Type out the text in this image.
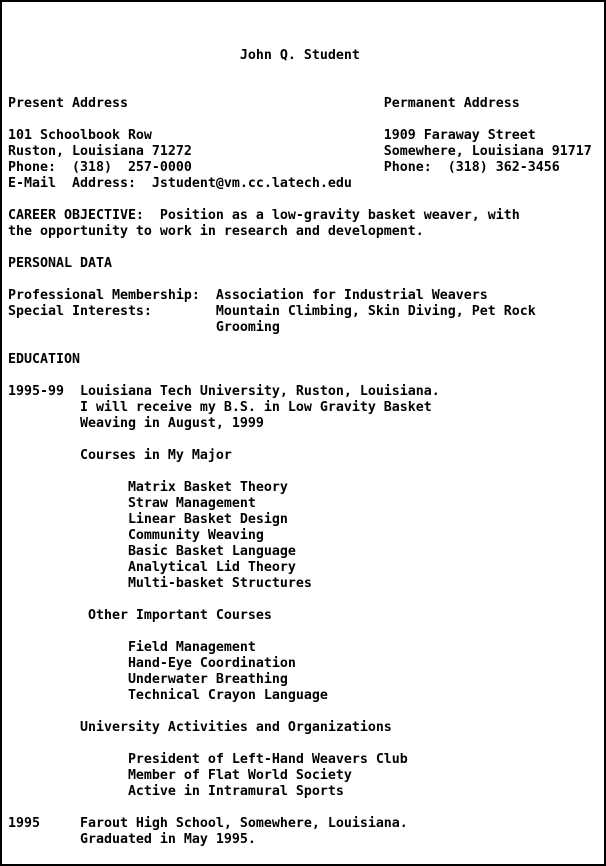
John Q. Student
Present Address                                Permanent Address
101 Schoolbook Row                             1909 Faraway Street
Ruston, Louisiana 71272                        Somewhere, Louisiana 91717
Phone:  (318)  257-0000                        Phone:  (318) 362-3456
E-Mail  Address:  Jstudent@vm.cc.latech.edu
CAREER OBJECTIVE:  Position as a low-gravity basket weaver, with
the opportunity to work in research and development.
PERSONAL DATA
Professional Membership:  Association for Industrial Weavers
Special Interests:        Mountain Climbing, Skin Diving, Pet Rock
Grooming
EDUCATION
1995-99  Louisiana Tech University, Ruston, Louisiana.
I will receive my B.S. in Low Gravity Basket
Weaving in August, 1999
Courses in My Major
Matrix Basket Theory
Straw Management
Linear Basket Design
Community Weaving
Basic Basket Language
Analytical Lid Theory
Multi-basket Structures
Other Important Courses
Field Management
Hand-Eye Coordination
Underwater Breathing
Technical Crayon Language
University Activities and Organizations
President of Left-Hand Weavers Club
Member of Flat World Society
Active in Intramural Sports
1995     Farout High School, Somewhere, Louisiana.
Graduated in May 1995.
